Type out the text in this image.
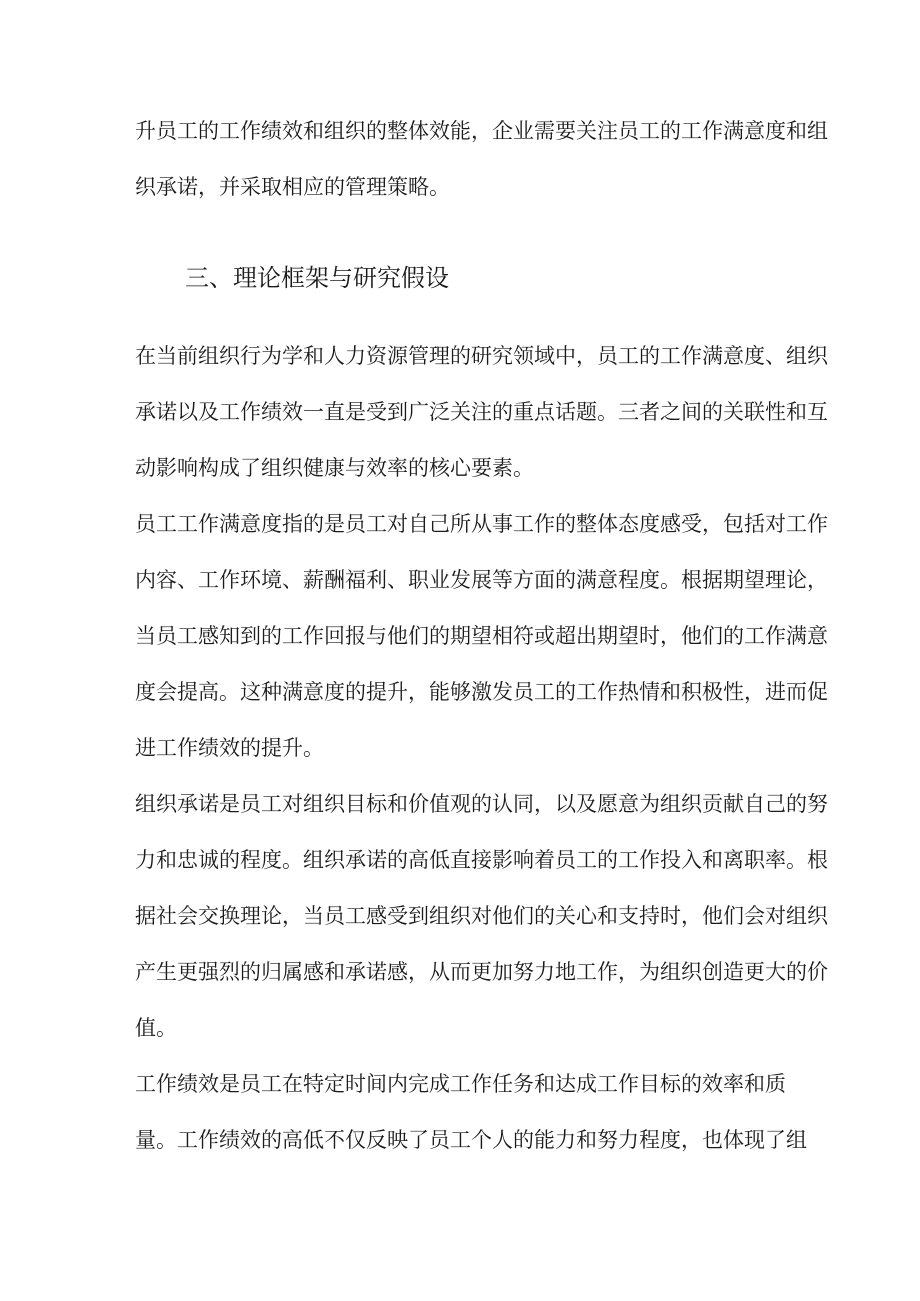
升员工的工作绩效和组织的整体效能，企业需要关注员工的工作满意度和组
织承诺，并采取相应的管理策略。
三、理论框架与研究假设
在当前组织行为学和人力资源管理的研究领域中，员工的工作满意度、组织
承诺以及工作绩效一直是受到广泛关注的重点话题。三者之间的关联性和互
动影响构成了组织健康与效率的核心要素。
员工工作满意度指的是员工对自己所从事工作的整体态度感受，包括对工作
内容、工作环境、薪酬福利、职业发展等方面的满意程度。根据期望理论，
当员工感知到的工作回报与他们的期望相符或超出期望时，他们的工作满意
度会提高。这种满意度的提升，能够激发员工的工作热情和积极性，进而促
进工作绩效的提升。
组织承诺是员工对组织目标和价值观的认同，以及愿意为组织贡献自己的努
力和忠诚的程度。组织承诺的高低直接影响着员工的工作投入和离职率。根
据社会交换理论，当员工感受到组织对他们的关心和支持时，他们会对组织
产生更强烈的归属感和承诺感，从而更加努力地工作，为组织创造更大的价
值。
工作绩效是员工在特定时间内完成工作任务和达成工作目标的效率和质
量。工作绩效的高低不仅反映了员工个人的能力和努力程度，也体现了组
